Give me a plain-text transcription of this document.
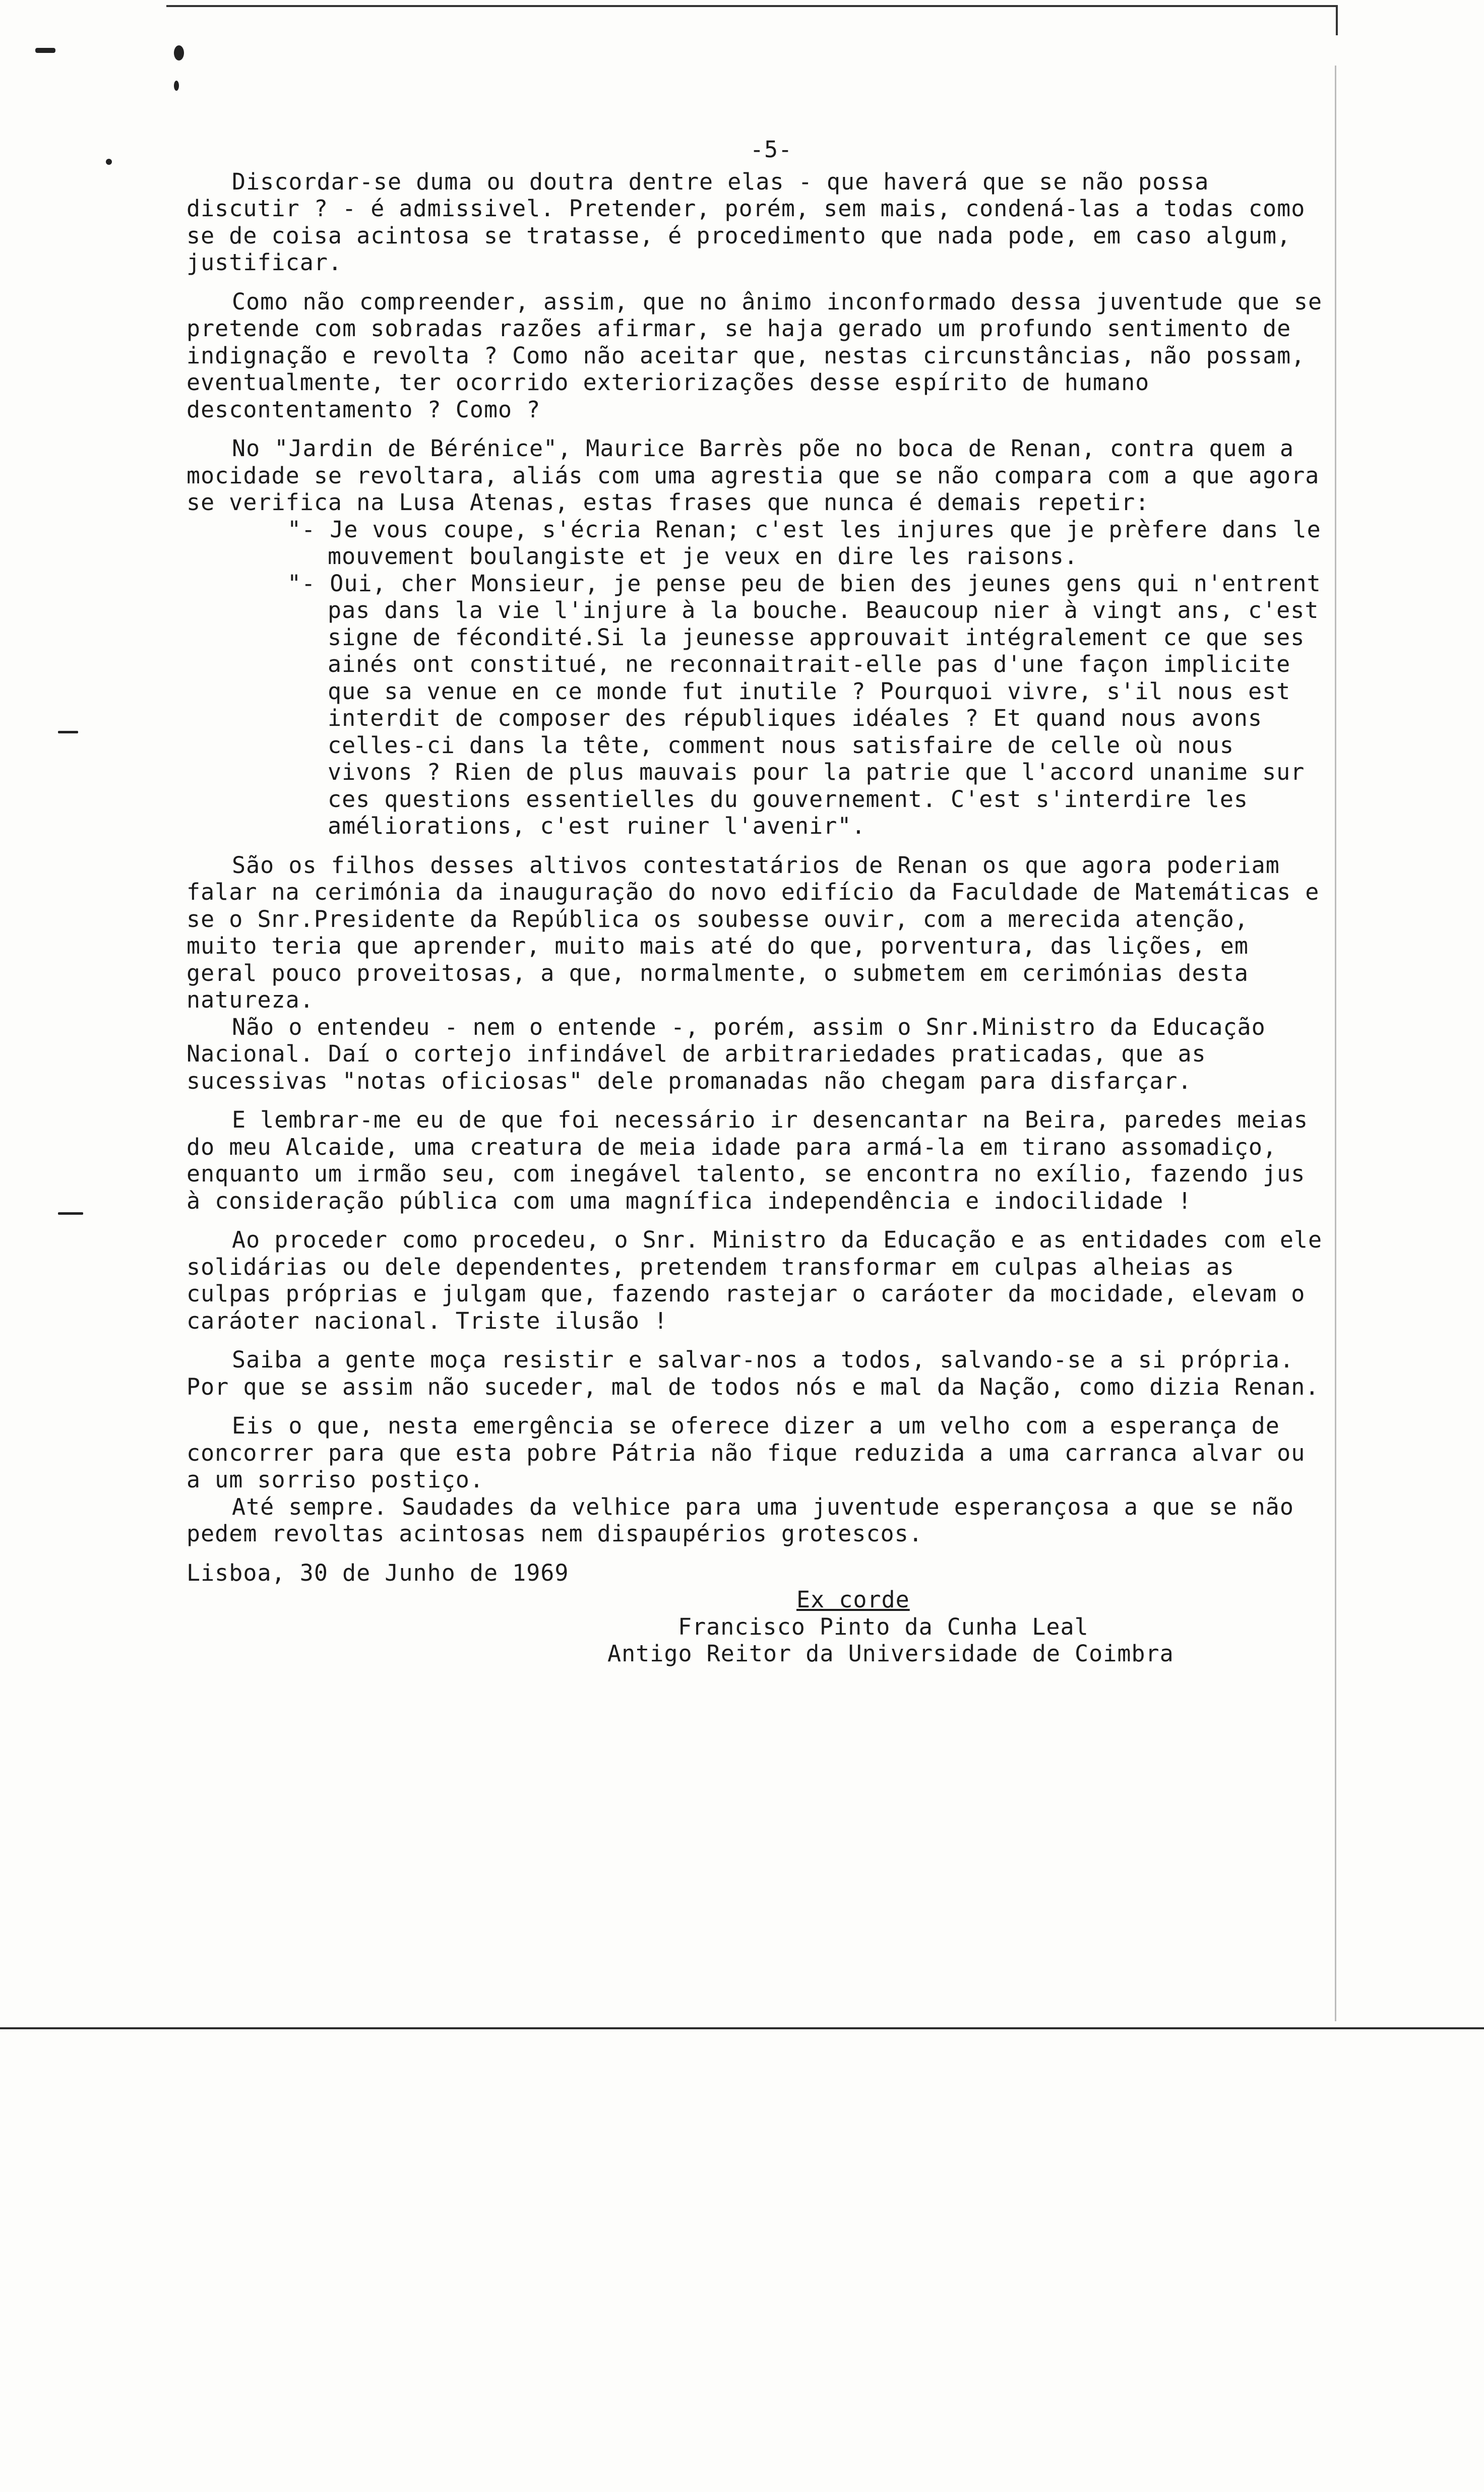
-5-

Discordar-se duma ou doutra dentre elas - que haverá que se não possa discutir ? - é admissivel. Pretender, porém, sem mais, condená-las a todas como se de coisa acintosa se tratasse, é procedimento que nada pode, em caso algum, justificar.

Como não compreender, assim, que no ânimo inconformado dessa juventude que se pretende com sobradas razões afirmar, se haja gerado um profundo sentimento de indignação e revolta ? Como não aceitar que, nestas circunstâncias, não possam, eventualmente, ter ocorrido exteriorizações desse espírito de humano descontentamento ? Como ?

No "Jardin de Bérénice", Maurice Barrès põe no boca de Renan, contra quem a mocidade se revoltara, aliás com uma agrestia que se não compara com a que agora se verifica na Lusa Atenas, estas frases que nunca é demais repetir:

"- Je vous coupe, s'écria Renan; c'est les injures que je prèfere dans le mouvement boulangiste et je veux en dire les raisons.

"- Oui, cher Monsieur, je pense peu de bien des jeunes gens qui n'entrent pas dans la vie l'injure à la bouche. Beaucoup nier à vingt ans, c'est signe de fécondité.Si la jeunesse approuvait intégralement ce que ses ainés ont constitué, ne reconnaitrait-elle pas d'une façon implicite que sa venue en ce monde fut inutile ? Pourquoi vivre, s'il nous est interdit de composer des républiques idéales ? Et quand nous avons celles-ci dans la tête, comment nous satisfaire de celle où nous vivons ? Rien de plus mauvais pour la patrie que l'accord unanime sur ces questions essentielles du gouvernement. C'est s'interdire les améliorations, c'est ruiner l'avenir".

São os filhos desses altivos contestatários de Renan os que agora poderiam falar na cerimónia da inauguração do novo edifício da Faculdade de Matemáticas e se o Snr.Presidente da República os soubesse ouvir, com a merecida atenção, muito teria que aprender, muito mais até do que, porventura, das lições, em geral pouco proveitosas, a que, normalmente, o submetem em cerimónias desta natureza.

Não o entendeu - nem o entende -, porém, assim o Snr.Ministro da Educação Nacional. Daí o cortejo infindável de arbitrariedades praticadas, que as sucessivas "notas oficiosas" dele promanadas não chegam para disfarçar.

E lembrar-me eu de que foi necessário ir desencantar na Beira, paredes meias do meu Alcaide, uma creatura de meia idade para armá-la em tirano assomadiço, enquanto um irmão seu, com inegável talento, se encontra no exílio, fazendo jus à consideração pública com uma magnífica independência e indocilidade !

Ao proceder como procedeu, o Snr. Ministro da Educação e as entidades com ele solidárias ou dele dependentes, pretendem transformar em culpas alheias as culpas próprias e julgam que, fazendo rastejar o caráoter da mocidade, elevam o caráoter nacional. Triste ilusão !

Saiba a gente moça resistir e salvar-nos a todos, salvando-se a si própria. Por que se assim não suceder, mal de todos nós e mal da Nação, como dizia Renan.

Eis o que, nesta emergência se oferece dizer a um velho com a esperança de concorrer para que esta pobre Pátria não fique reduzida a uma carranca alvar ou a um sorriso postiço.

Até sempre. Saudades da velhice para uma juventude esperançosa a que se não pedem revoltas acintosas nem dispaupérios grotescos.

Lisboa, 30 de Junho de 1969

Ex corde
Francisco Pinto da Cunha Leal
Antigo Reitor da Universidade de Coimbra
